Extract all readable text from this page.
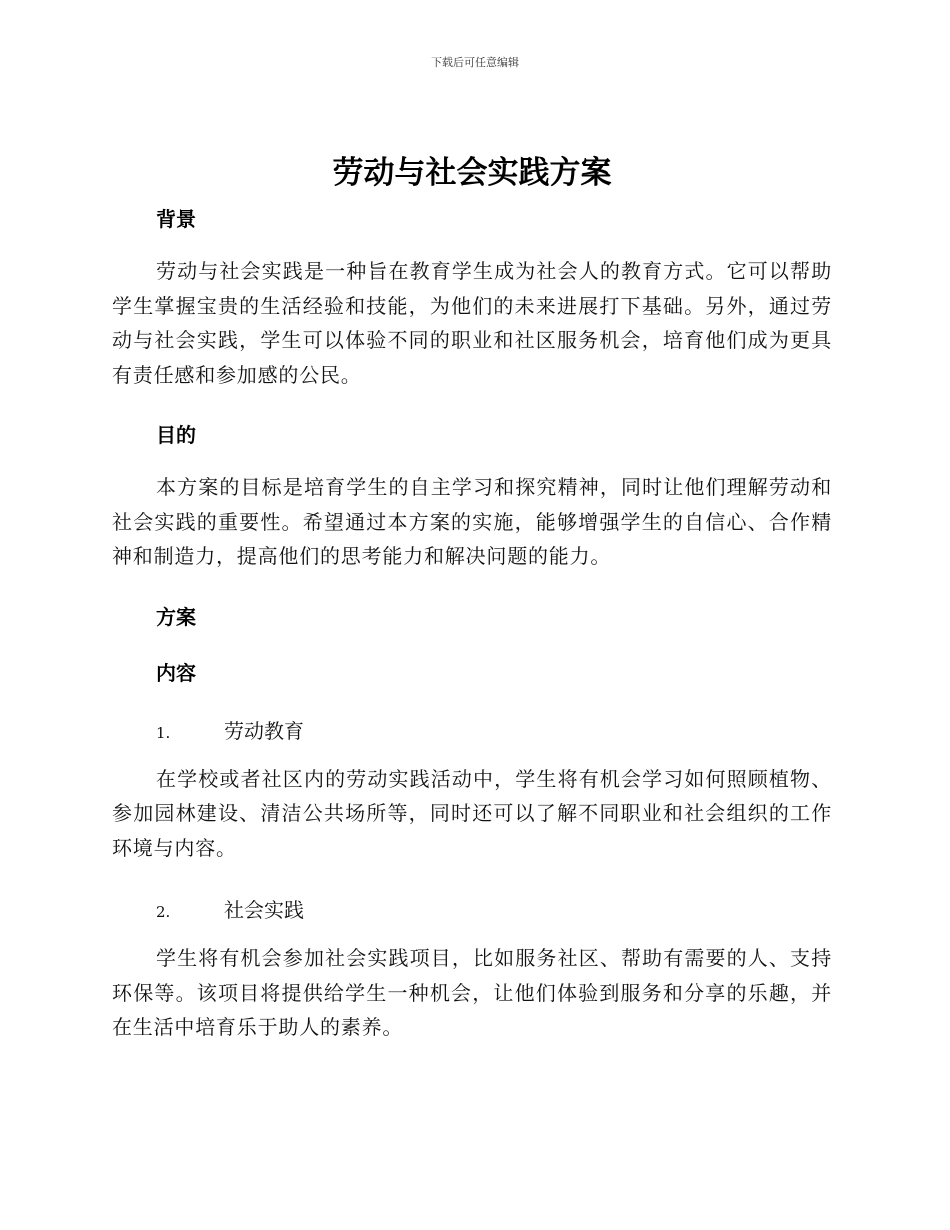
下载后可任意编辑
劳动与社会实践方案
背景

劳动与社会实践是一种旨在教育学生成为社会人的教育方式。它可以帮助学生掌握宝贵的生活经验和技能，为他们的未来进展打下基础。另外，通过劳动与社会实践，学生可以体验不同的职业和社区服务机会，培育他们成为更具有责任感和参加感的公民。

目的

本方案的目标是培育学生的自主学习和探究精神，同时让他们理解劳动和社会实践的重要性。希望通过本方案的实施，能够增强学生的自信心、合作精神和制造力，提高他们的思考能力和解决问题的能力。

方案
内容
1.	劳动教育

在学校或者社区内的劳动实践活动中，学生将有机会学习如何照顾植物、参加园林建设、清洁公共场所等，同时还可以了解不同职业和社会组织的工作环境与内容。

2.	社会实践

学生将有机会参加社会实践项目，比如服务社区、帮助有需要的人、支持环保等。该项目将提供给学生一种机会，让他们体验到服务和分享的乐趣，并在生活中培育乐于助人的素养。
